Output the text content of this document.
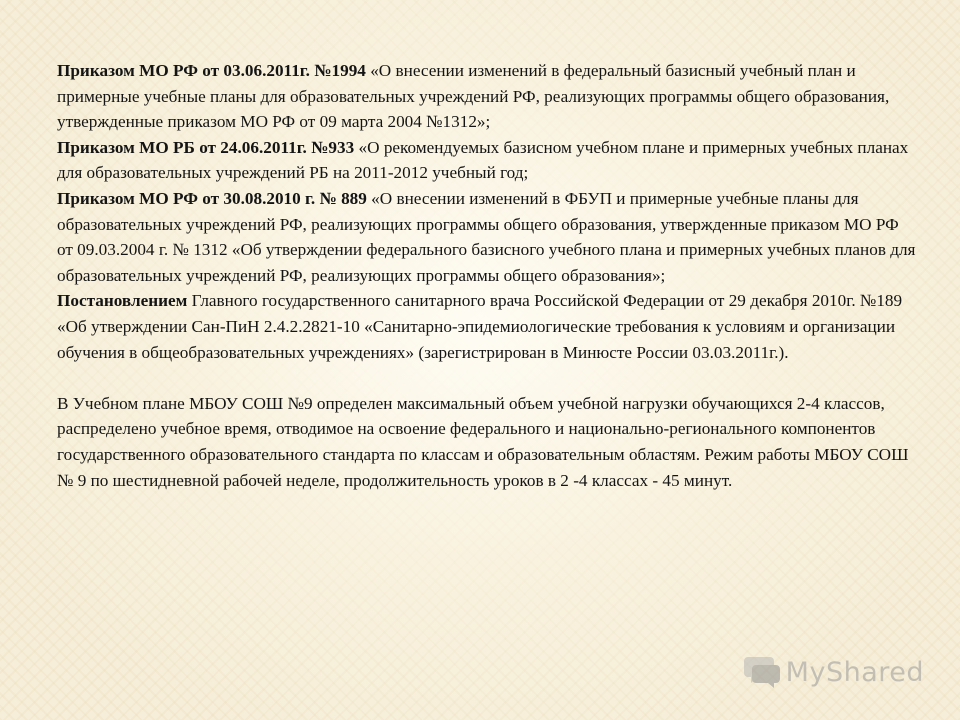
Приказом МО РФ от 03.06.2011г. №1994 «О внесении изменений в федеральный базисный учебный план и примерные учебные планы для образовательных учреждений РФ, реализующих программы общего образования, утвержденные приказом МО РФ от 09 марта 2004 №1312»;

Приказом МО РБ от 24.06.2011г. №933 «О рекомендуемых базисном учебном плане и примерных учебных планах для образовательных учреждений РБ на 2011-2012 учебный год;

Приказом МО РФ от 30.08.2010 г. № 889 «О внесении изменений в ФБУП и примерные учебные планы для образовательных учреждений РФ, реализующих программы общего образования, утвержденные приказом МО РФ от 09.03.2004 г. № 1312 «Об утверждении федерального базисного учебного плана и примерных учебных планов для образовательных учреждений РФ, реализующих программы общего образования»;

Постановлением Главного государственного санитарного врача Российской Федерации от 29 декабря 2010г. №189 «Об утверждении Сан-ПиН 2.4.2.2821-10 «Санитарно-эпидемиологические требования к условиям и организации обучения в общеобразовательных учреждениях» (зарегистрирован в Минюсте России 03.03.2011г.).

В Учебном плане МБОУ СОШ №9 определен максимальный объем учебной нагрузки обучающихся 2-4 классов, распределено учебное время, отводимое на освоение федерального и национально-регионального компонентов государственного образовательного стандарта по классам и образовательным областям. Режим работы МБОУ СОШ № 9 по шестидневной рабочей неделе, продолжительность уроков в 2 -4 классах - 45 минут.

MyShared
